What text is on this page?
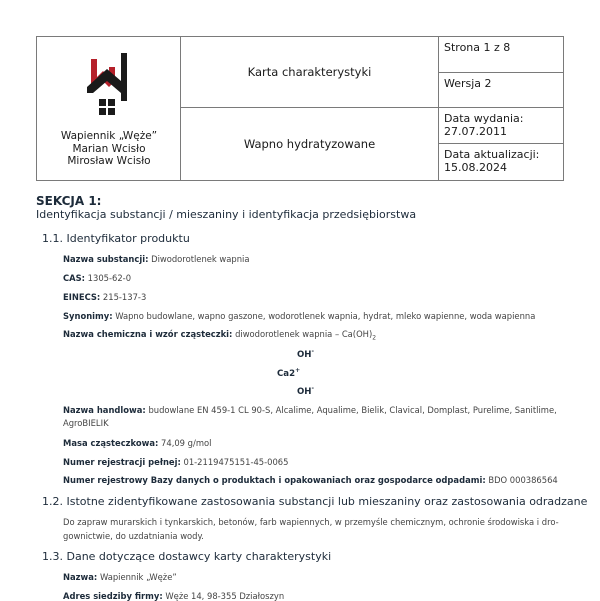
Wapiennik „Węże”
Marian Wcisło
Mirosław Wcisło
Karta charakterystyki
Wapno hydratyzowane
Strona 1 z 8
Wersja 2
Data wydania:
27.07.2011
Data aktualizacji:
15.08.2024
SEKCJA 1:
Identyfikacja substancji / mieszaniny i identyfikacja przedsiębiorstwa
1.1. Identyfikator produktu
Nazwa substancji: Diwodorotlenek wapnia
CAS: 1305-62-0
EINECS: 215-137-3
Synonimy: Wapno budowlane, wapno gaszone, wodorotlenek wapnia, hydrat, mleko wapienne, woda wapienna
Nazwa chemiczna i wzór cząsteczki: diwodorotlenek wapnia – $Ca(OH)_2$
OH-
Ca2+
OH-
Nazwa handlowa: budowlane EN 459-1 CL 90-S, Alcalime, Aqualime, Bielik, Clavical, Domplast, Purelime, Sanitlime,
AgroBIELIK
Masa cząsteczkowa: 74,09 g/mol
Numer rejestracji pełnej: 01-2119475151-45-0065
Numer rejestrowy Bazy danych o produktach i opakowaniach oraz gospodarce odpadami: BDO 000386564
1.2. Istotne zidentyfikowane zastosowania substancji lub mieszaniny oraz zastosowania odradzane
Do zapraw murarskich i tynkarskich, betonów, farb wapiennych, w przemyśle chemicznym, ochronie środowiska i dro-
gownictwie, do uzdatniania wody.
1.3. Dane dotyczące dostawcy karty charakterystyki
Nazwa: Wapiennik „Węże”
Adres siedziby firmy: Węże 14, 98-355 Działoszyn
